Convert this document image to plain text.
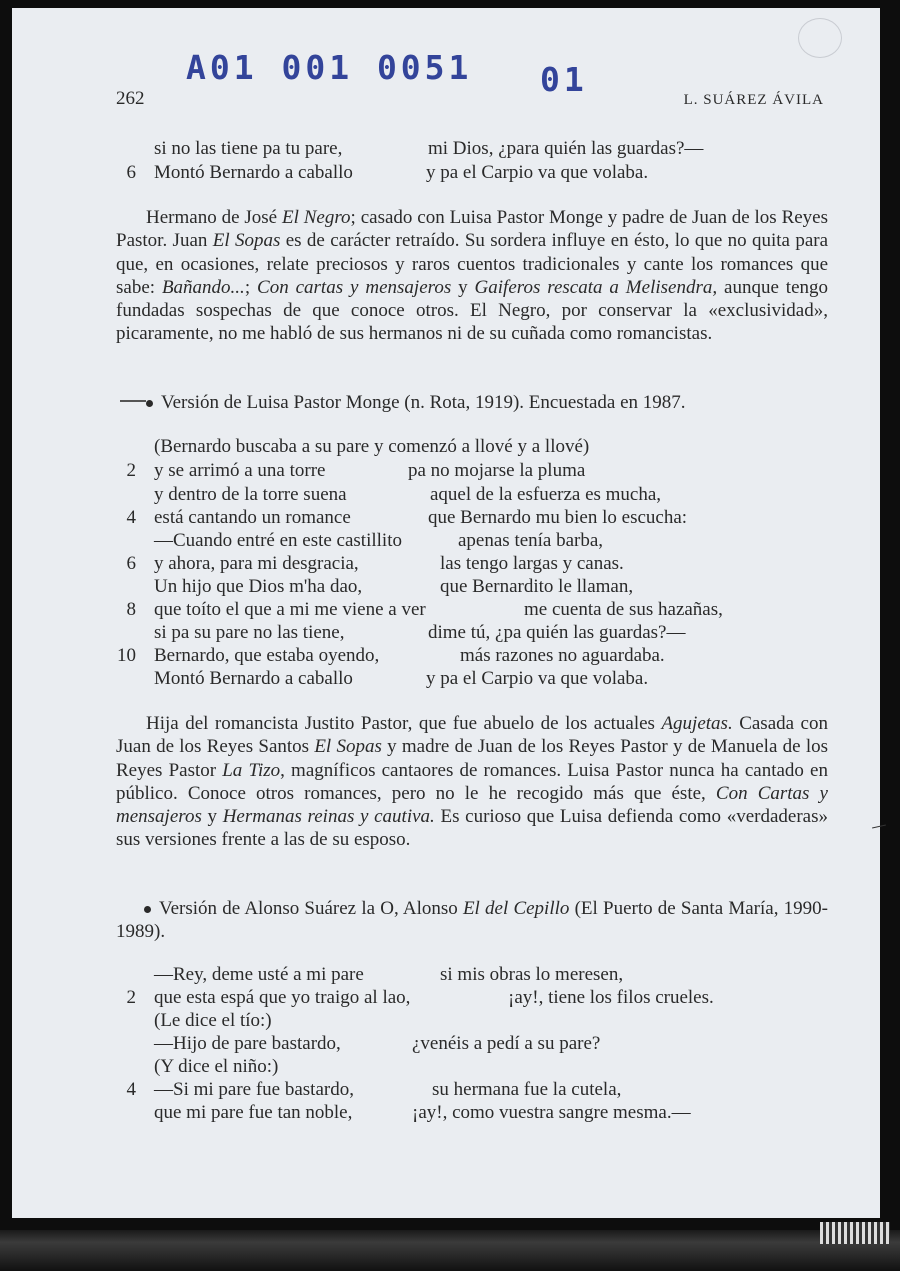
A01 001 0051 01
262	L. SUÁREZ ÁVILA
si no las tiene pa tu pare,	mi Dios, ¿para quién las guardas?—
6 Montó Bernardo a caballo	y pa el Carpio va que volaba.

Hermano de José El Negro; casado con Luisa Pastor Monge y padre de Juan de los Reyes Pastor. Juan El Sopas es de carácter retraído. Su sordera influye en ésto, lo que no quita para que, en ocasiones, relate preciosos y raros cuentos tradicionales y cante los romances que sabe: Bañando...; Con cartas y mensajeros y Gaiferos rescata a Melisendra, aunque tengo fundadas sospechas de que conoce otros. El Negro, por conservar la «exclusividad», picaramente, no me habló de sus hermanos ni de su cuñada como romancistas.

Versión de Luisa Pastor Monge (n. Rota, 1919). Encuestada en 1987.
(Bernardo buscaba a su pare y comenzó a llové y a llové)
2 y se arrimó a una torre	pa no mojarse la pluma
y dentro de la torre suena	aquel de la esfuerza es mucha,
4 está cantando un romance	que Bernardo mu bien lo escucha:
—Cuando entré en este castillito	apenas tenía barba,
6 y ahora, para mi desgracia,	las tengo largas y canas.
Un hijo que Dios m'ha dao,	que Bernardito le llaman,
8 que toíto el que a mi me viene a ver	me cuenta de sus hazañas,
si pa su pare no las tiene,	dime tú, ¿pa quién las guardas?—
10 Bernardo, que estaba oyendo,	más razones no aguardaba.
Montó Bernardo a caballo	y pa el Carpio va que volaba.

Hija del romancista Justito Pastor, que fue abuelo de los actuales Agujetas. Casada con Juan de los Reyes Santos El Sopas y madre de Juan de los Reyes Pastor y de Manuela de los Reyes Pastor La Tizo, magníficos cantaores de romances. Luisa Pastor nunca ha cantado en público. Conoce otros romances, pero no le he recogido más que éste, Con Cartas y mensajeros y Hermanas reinas y cautiva. Es curioso que Luisa defienda como «verdaderas» sus versiones frente a las de su esposo.

Versión de Alonso Suárez la O, Alonso El del Cepillo (El Puerto de Santa María, 1990-1989).

—Rey, deme usté a mi pare	si mis obras lo meresen,
2 que esta espá que yo traigo al lao,	¡ay!, tiene los filos crueles.
(Le dice el tío:)
—Hijo de pare bastardo,	¿venéis a pedí a su pare?
(Y dice el niño:)
4 —Si mi pare fue bastardo,	su hermana fue la cutela,
que mi pare fue tan noble,	¡ay!, como vuestra sangre mesma.—
